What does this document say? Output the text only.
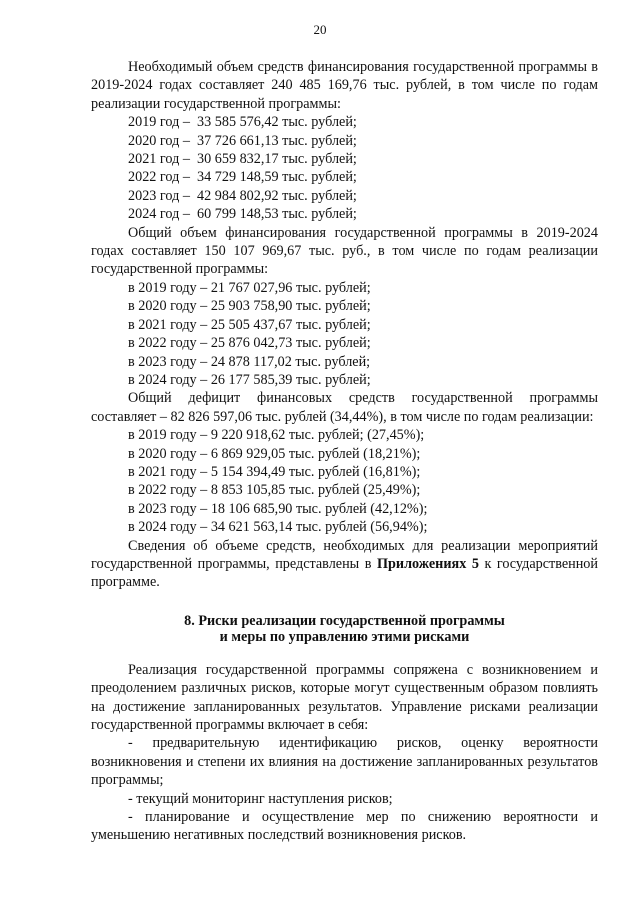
20

Необходимый объем средств финансирования государственной программы в 2019-2024 годах составляет 240 485 169,76 тыс. рублей, в том числе по годам реализации государственной программы:

2019 год –  33 585 576,42 тыс. рублей;

2020 год –  37 726 661,13 тыс. рублей;

2021 год –  30 659 832,17 тыс. рублей;

2022 год –  34 729 148,59 тыс. рублей;

2023 год –  42 984 802,92 тыс. рублей;

2024 год –  60 799 148,53 тыс. рублей;

Общий объем финансирования государственной программы в 2019-2024 годах составляет 150 107 969,67 тыс. руб., в том числе по годам реализации государственной программы:

в 2019 году – 21 767 027,96 тыс. рублей;

в 2020 году – 25 903 758,90 тыс. рублей;

в 2021 году – 25 505 437,67 тыс. рублей;

в 2022 году – 25 876 042,73 тыс. рублей;

в 2023 году – 24 878 117,02 тыс. рублей;

в 2024 году – 26 177 585,39 тыс. рублей;

Общий дефицит финансовых средств государственной программы составляет – 82 826 597,06 тыс. рублей (34,44%), в том числе по годам реализации:

в 2019 году – 9 220 918,62 тыс. рублей; (27,45%);

в 2020 году – 6 869 929,05 тыс. рублей (18,21%);

в 2021 году – 5 154 394,49 тыс. рублей (16,81%);

в 2022 году – 8 853 105,85 тыс. рублей (25,49%);

в 2023 году – 18 106 685,90 тыс. рублей (42,12%);

в 2024 году – 34 621 563,14 тыс. рублей (56,94%);

Сведения об объеме средств, необходимых для реализации мероприятий государственной программы, представлены в Приложениях 5 к государственной программе.

8. Риски реализации государственной программы
и меры по управлению этими рисками

Реализация государственной программы сопряжена с возникновением и преодолением различных рисков, которые могут существенным образом повлиять на достижение запланированных результатов. Управление рисками реализации государственной программы включает в себя:

- предварительную идентификацию рисков, оценку вероятности возникновения и степени их влияния на достижение запланированных результатов программы;

- текущий мониторинг наступления рисков;

- планирование и осуществление мер по снижению вероятности и уменьшению негативных последствий возникновения рисков.
